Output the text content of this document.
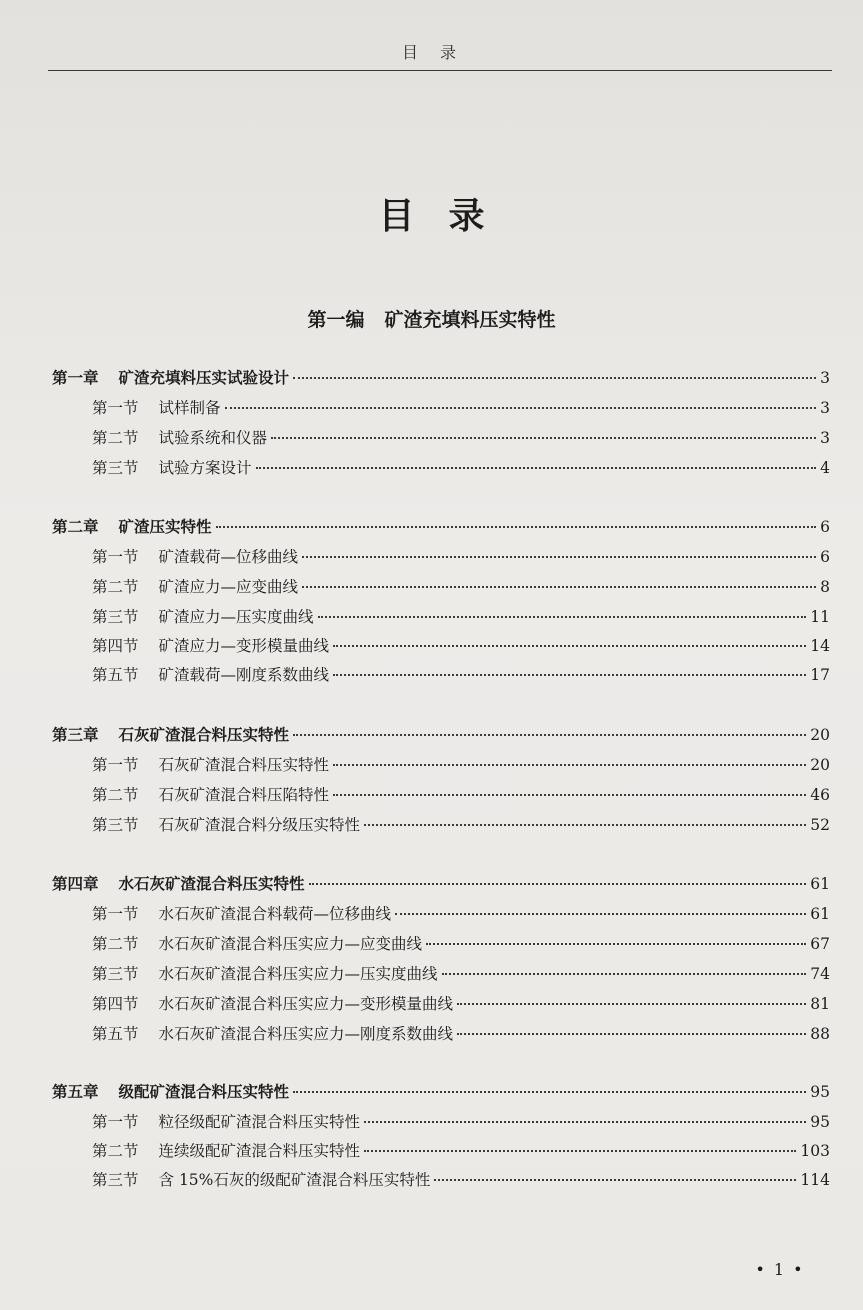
目录
目录
第一编 矿渣充填料压实特性
第一章	矿渣充填料压实试验设计	3
第一节	试样制备	3
第二节	试验系统和仪器	3
第三节	试验方案设计	4
第二章	矿渣压实特性	6
第一节	矿渣载荷—位移曲线	6
第二节	矿渣应力—应变曲线	8
第三节	矿渣应力—压实度曲线	11
第四节	矿渣应力—变形模量曲线	14
第五节	矿渣载荷—刚度系数曲线	17
第三章	石灰矿渣混合料压实特性	20
第一节	石灰矿渣混合料压实特性	20
第二节	石灰矿渣混合料压陷特性	46
第三节	石灰矿渣混合料分级压实特性	52
第四章	水石灰矿渣混合料压实特性	61
第一节	水石灰矿渣混合料载荷—位移曲线	61
第二节	水石灰矿渣混合料压实应力—应变曲线	67
第三节	水石灰矿渣混合料压实应力—压实度曲线	74
第四节	水石灰矿渣混合料压实应力—变形模量曲线	81
第五节	水石灰矿渣混合料压实应力—刚度系数曲线	88
第五章	级配矿渣混合料压实特性	95
第一节	粒径级配矿渣混合料压实特性	95
第二节	连续级配矿渣混合料压实特性	103
第三节	含 15%石灰的级配矿渣混合料压实特性	114
• 1 •
